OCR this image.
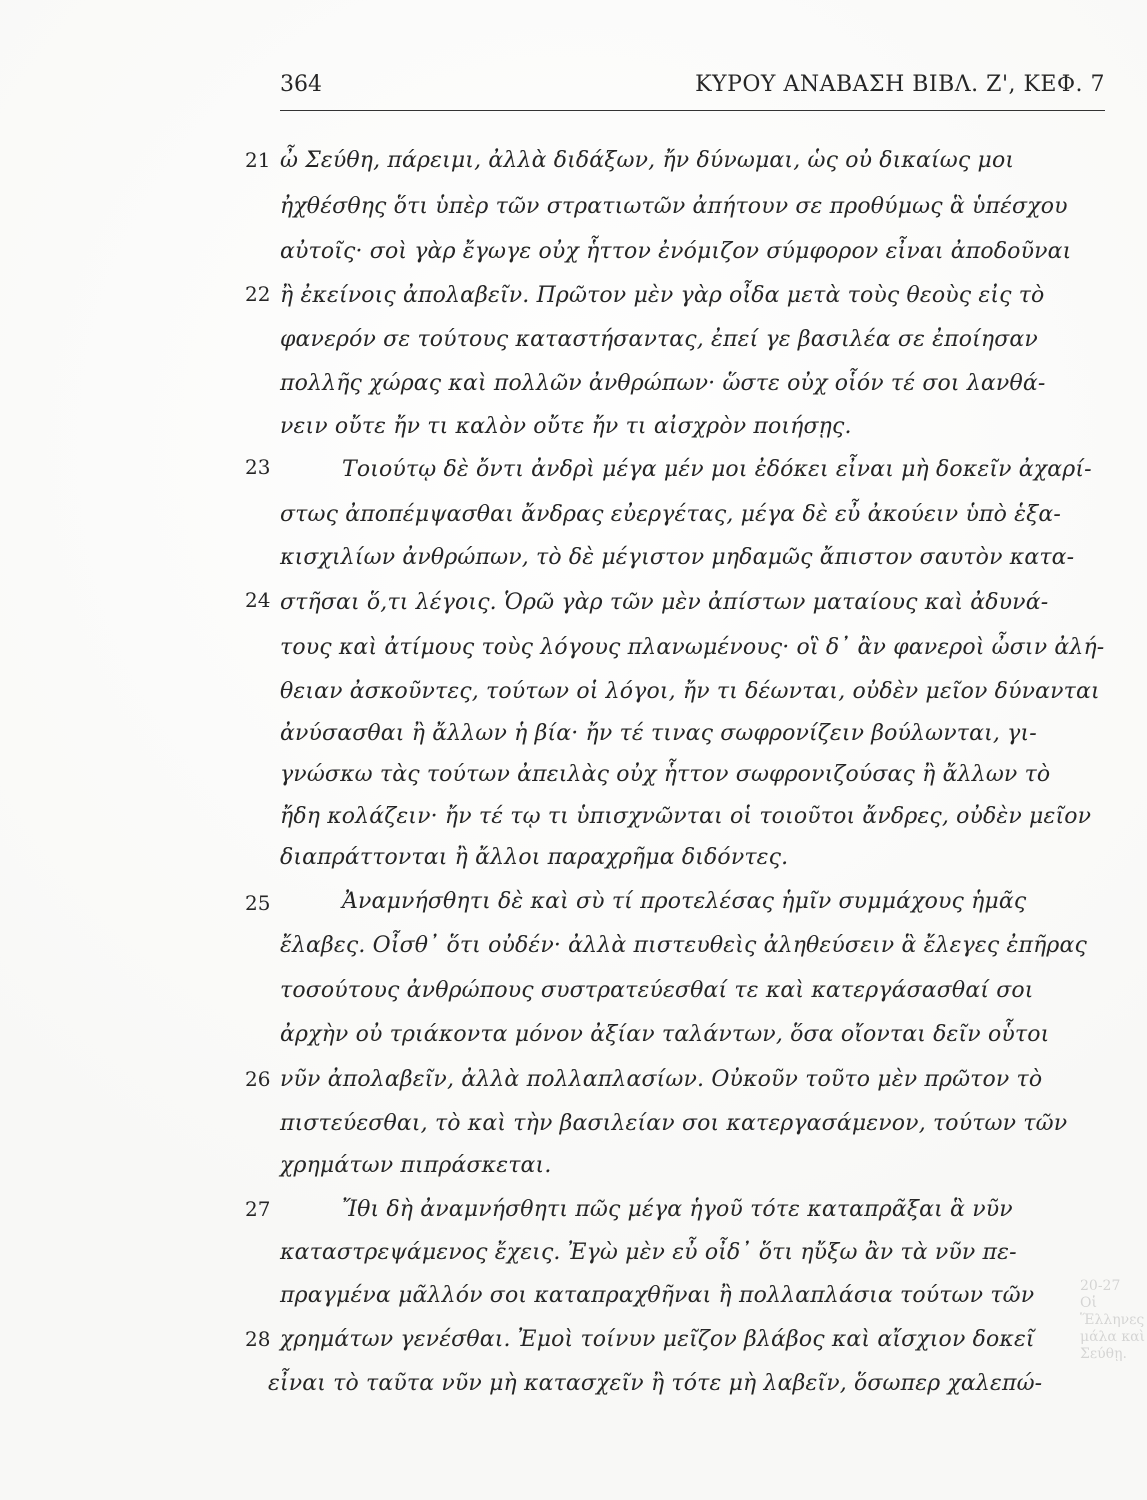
364	ΚΥΡΟΥ ΑΝΑΒΑΣΗ ΒΙΒΛ. Ζ', ΚΕΦ. 7
21
22
23
24
25
26
27
28
ὦ Σεύθη, πάρειμι, ἀλλὰ διδάξων, ἤν δύνωμαι, ὡς οὐ δικαίως μοι
ἠχθέσθης ὅτι ὑπὲρ τῶν στρατιωτῶν ἀπήτουν σε προθύμως ἃ ὑπέσχου
αὐτοῖς· σοὶ γὰρ ἔγωγε οὐχ ἧττον ἐνόμιζον σύμφορον εἶναι ἀποδοῦναι
ἢ ἐκείνοις ἀπολαβεῖν. Πρῶτον μὲν γὰρ οἶδα μετὰ τοὺς θεοὺς εἰς τὸ
φανερόν σε τούτους καταστήσαντας, ἐπεί γε βασιλέα σε ἐποίησαν
πολλῆς χώρας καὶ πολλῶν ἀνθρώπων· ὥστε οὐχ οἷόν τέ σοι λανθά-
νειν οὔτε ἤν τι καλὸν οὔτε ἤν τι αἰσχρὸν ποιήσῃς.
Τοιούτῳ δὲ ὄντι ἀνδρὶ μέγα μέν μοι ἐδόκει εἶναι μὴ δοκεῖν ἀχαρί-
στως ἀποπέμψασθαι ἄνδρας εὐεργέτας, μέγα δὲ εὖ ἀκούειν ὑπὸ ἑξα-
κισχιλίων ἀνθρώπων, τὸ δὲ μέγιστον μηδαμῶς ἄπιστον σαυτὸν κατα-
στῆσαι ὅ,τι λέγοις. Ὁρῶ γὰρ τῶν μὲν ἀπίστων ματαίους καὶ ἀδυνά-
τους καὶ ἀτίμους τοὺς λόγους πλανωμένους· οἳ δ᾽ ἂν φανεροὶ ὦσιν ἀλή-
θειαν ἀσκοῦντες, τούτων οἱ λόγοι, ἤν τι δέωνται, οὐδὲν μεῖον δύνανται
ἀνύσασθαι ἢ ἄλλων ἡ βία· ἤν τέ τινας σωφρονίζειν βούλωνται, γι-
γνώσκω τὰς τούτων ἀπειλὰς οὐχ ἧττον σωφρονιζούσας ἢ ἄλλων τὸ
ἤδη κολάζειν· ἤν τέ τῳ τι ὑπισχνῶνται οἱ τοιοῦτοι ἄνδρες, οὐδὲν μεῖον
διαπράττονται ἢ ἄλλοι παραχρῆμα διδόντες.
Ἀναμνήσθητι δὲ καὶ σὺ τί προτελέσας ἡμῖν συμμάχους ἡμᾶς
ἔλαβες. Οἶσθ᾽ ὅτι οὐδέν· ἀλλὰ πιστευθεὶς ἀληθεύσειν ἃ ἔλεγες ἐπῆρας
τοσούτους ἀνθρώπους συστρατεύεσθαί τε καὶ κατεργάσασθαί σοι
ἀρχὴν οὐ τριάκοντα μόνον ἀξίαν ταλάντων, ὅσα οἴονται δεῖν οὗτοι
νῦν ἀπολαβεῖν, ἀλλὰ πολλαπλασίων. Οὐκοῦν τοῦτο μὲν πρῶτον τὸ
πιστεύεσθαι, τὸ καὶ τὴν βασιλείαν σοι κατεργασάμενον, τούτων τῶν
χρημάτων πιπράσκεται.
Ἴθι δὴ ἀναμνήσθητι πῶς μέγα ἡγοῦ τότε καταπρᾶξαι ἃ νῦν
καταστρεψάμενος ἔχεις. Ἐγὼ μὲν εὖ οἶδ᾽ ὅτι ηὔξω ἂν τὰ νῦν πε-
πραγμένα μᾶλλόν σοι καταπραχθῆναι ἢ πολλαπλάσια τούτων τῶν
χρημάτων γενέσθαι. Ἐμοὶ τοίνυν μεῖζον βλάβος καὶ αἴσχιον δοκεῖ
εἶναι τὸ ταῦτα νῦν μὴ κατασχεῖν ἢ τότε μὴ λαβεῖν, ὅσωπερ χαλεπώ-
20-27
Οἱ Ἕλληνες
μάλα καὶ
Σεύθῃ.
